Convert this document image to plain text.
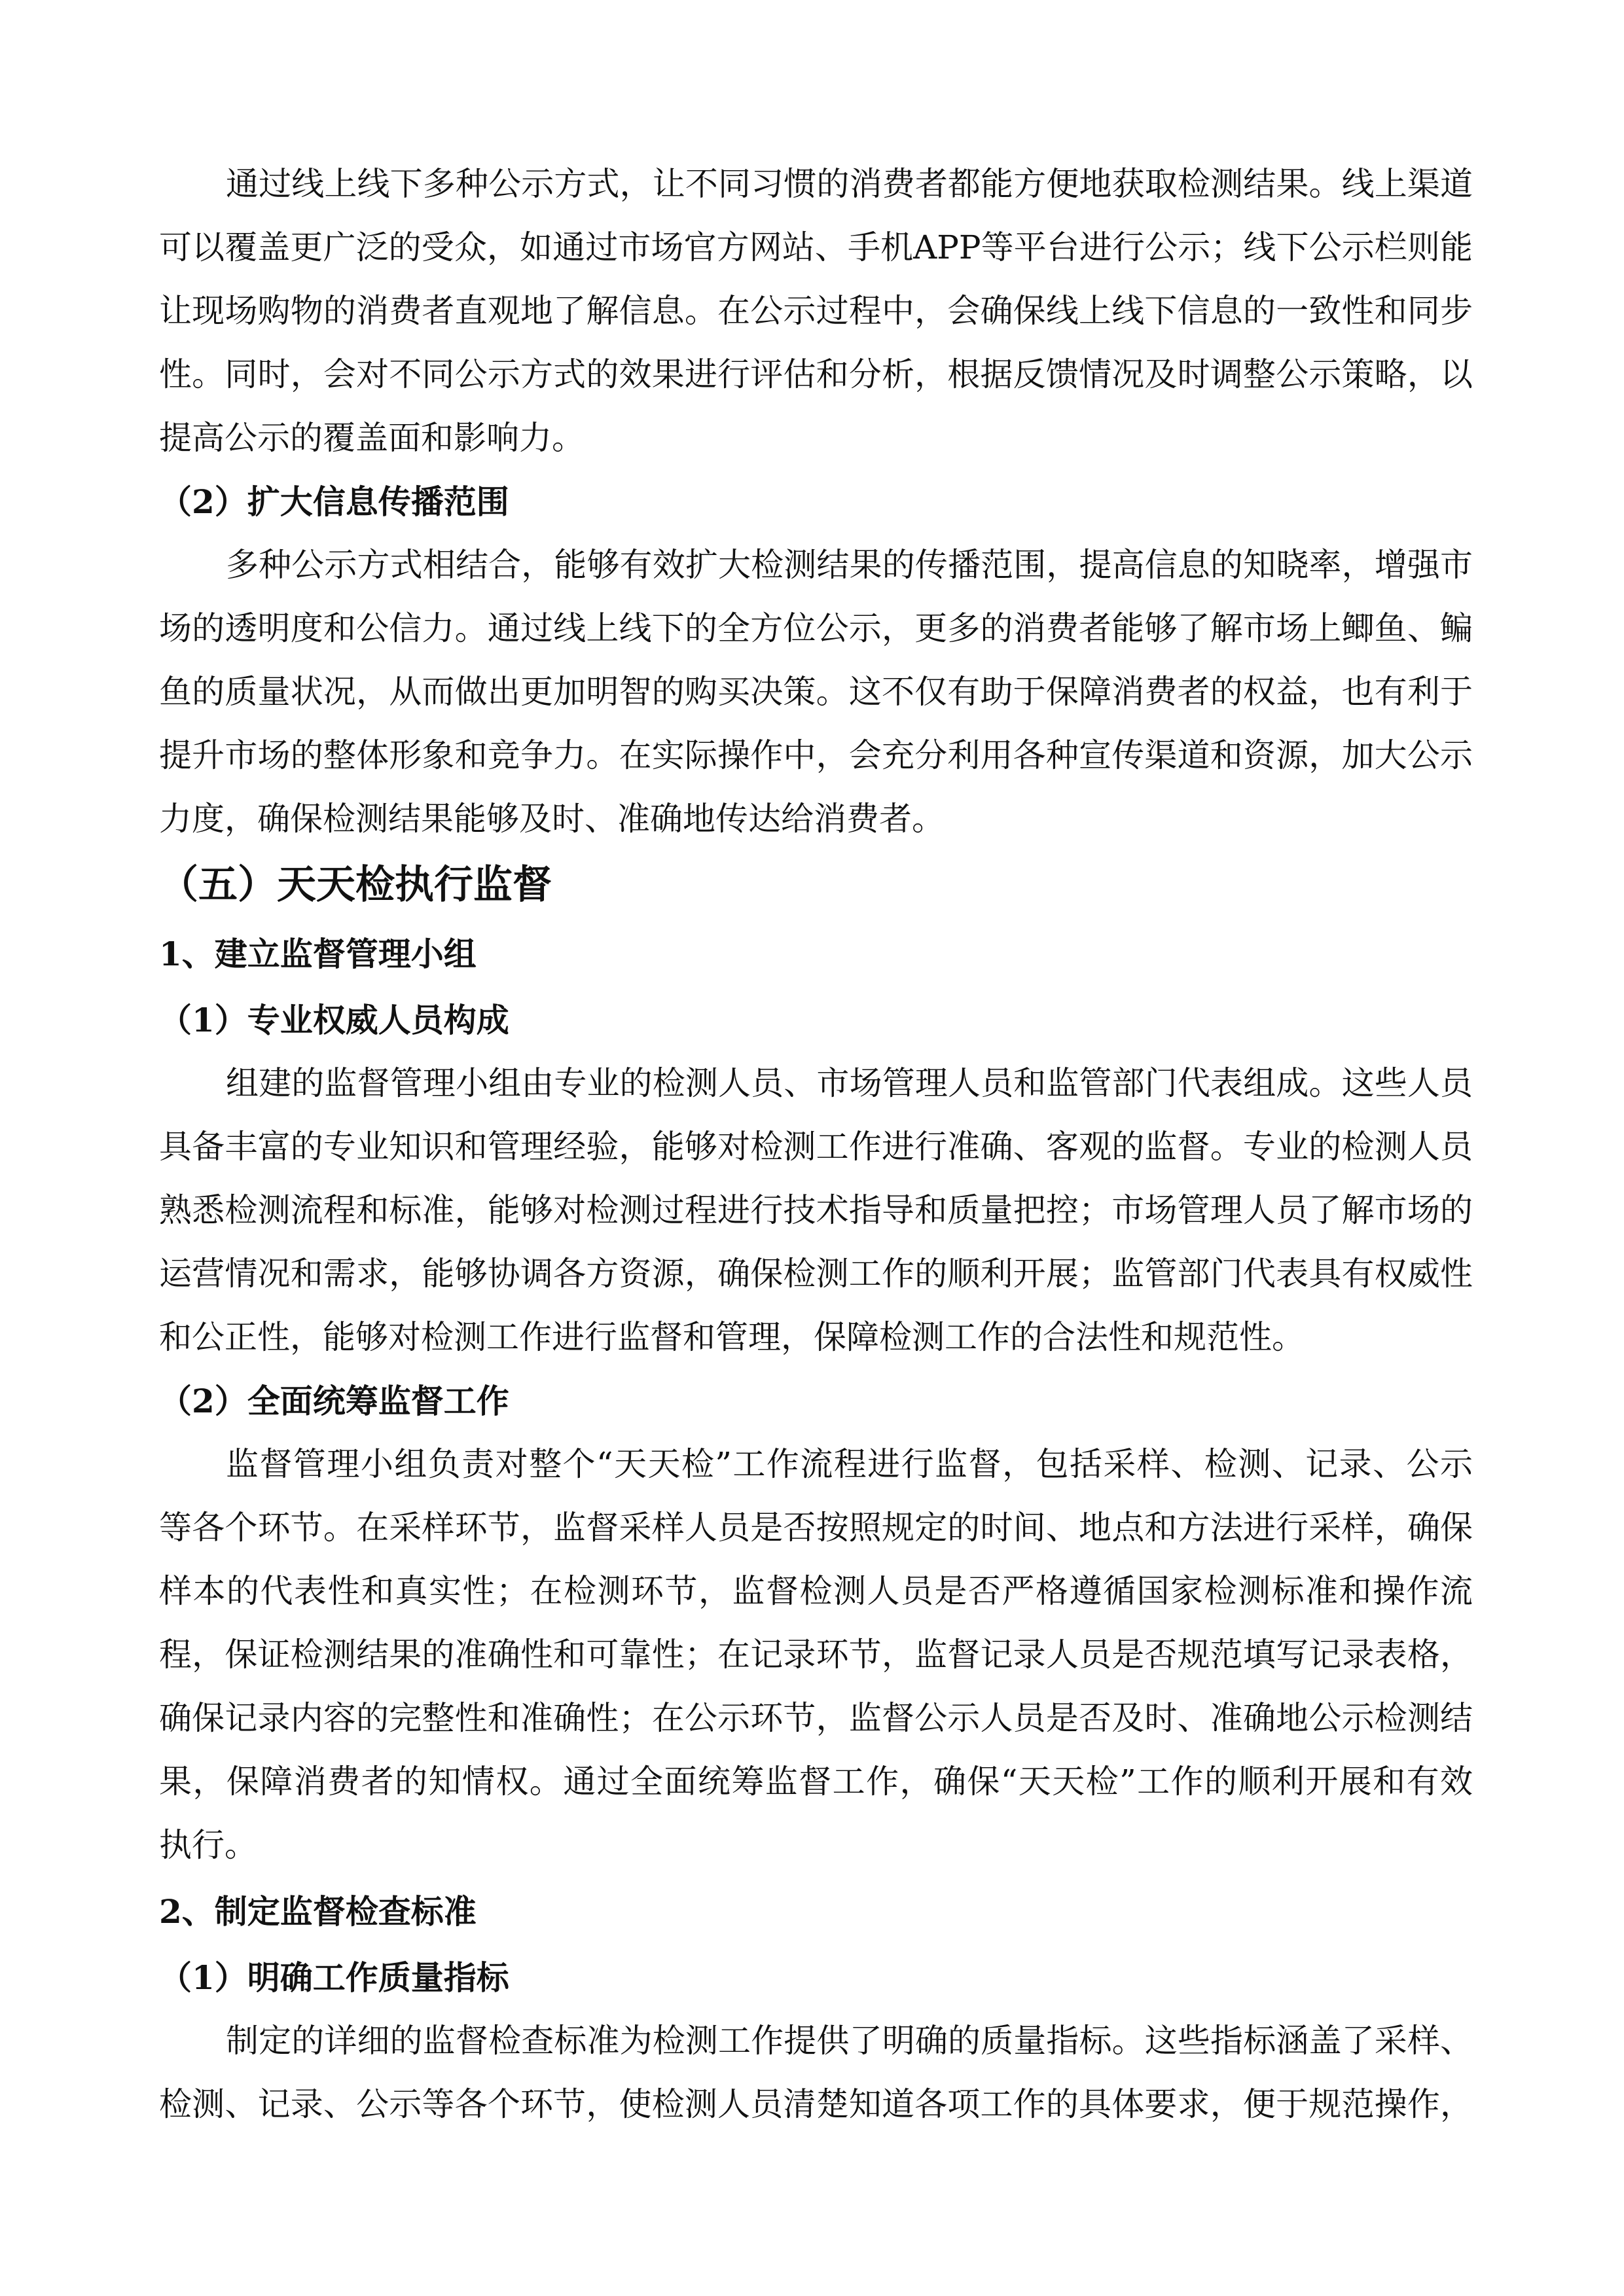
通过线上线下多种公示方式，让不同习惯的消费者都能方便地获取检测结果。线上渠道
可以覆盖更广泛的受众，如通过市场官方网站、手机APP等平台进行公示；线下公示栏则能
让现场购物的消费者直观地了解信息。在公示过程中，会确保线上线下信息的一致性和同步
性。同时，会对不同公示方式的效果进行评估和分析，根据反馈情况及时调整公示策略，以
提高公示的覆盖面和影响力。
（2）扩大信息传播范围
多种公示方式相结合，能够有效扩大检测结果的传播范围，提高信息的知晓率，增强市
场的透明度和公信力。通过线上线下的全方位公示，更多的消费者能够了解市场上鲫鱼、鳊
鱼的质量状况，从而做出更加明智的购买决策。这不仅有助于保障消费者的权益，也有利于
提升市场的整体形象和竞争力。在实际操作中，会充分利用各种宣传渠道和资源，加大公示
力度，确保检测结果能够及时、准确地传达给消费者。
（五）天天检执行监督
1、建立监督管理小组
（1）专业权威人员构成
组建的监督管理小组由专业的检测人员、市场管理人员和监管部门代表组成。这些人员
具备丰富的专业知识和管理经验，能够对检测工作进行准确、客观的监督。专业的检测人员
熟悉检测流程和标准，能够对检测过程进行技术指导和质量把控；市场管理人员了解市场的
运营情况和需求，能够协调各方资源，确保检测工作的顺利开展；监管部门代表具有权威性
和公正性，能够对检测工作进行监督和管理，保障检测工作的合法性和规范性。
（2）全面统筹监督工作
监督管理小组负责对整个“天天检”工作流程进行监督，包括采样、检测、记录、公示
等各个环节。在采样环节，监督采样人员是否按照规定的时间、地点和方法进行采样，确保
样本的代表性和真实性；在检测环节，监督检测人员是否严格遵循国家检测标准和操作流
程，保证检测结果的准确性和可靠性；在记录环节，监督记录人员是否规范填写记录表格，
确保记录内容的完整性和准确性；在公示环节，监督公示人员是否及时、准确地公示检测结
果，保障消费者的知情权。通过全面统筹监督工作，确保“天天检”工作的顺利开展和有效
执行。
2、制定监督检查标准
（1）明确工作质量指标
制定的详细的监督检查标准为检测工作提供了明确的质量指标。这些指标涵盖了采样、
检测、记录、公示等各个环节，使检测人员清楚知道各项工作的具体要求，便于规范操作，
